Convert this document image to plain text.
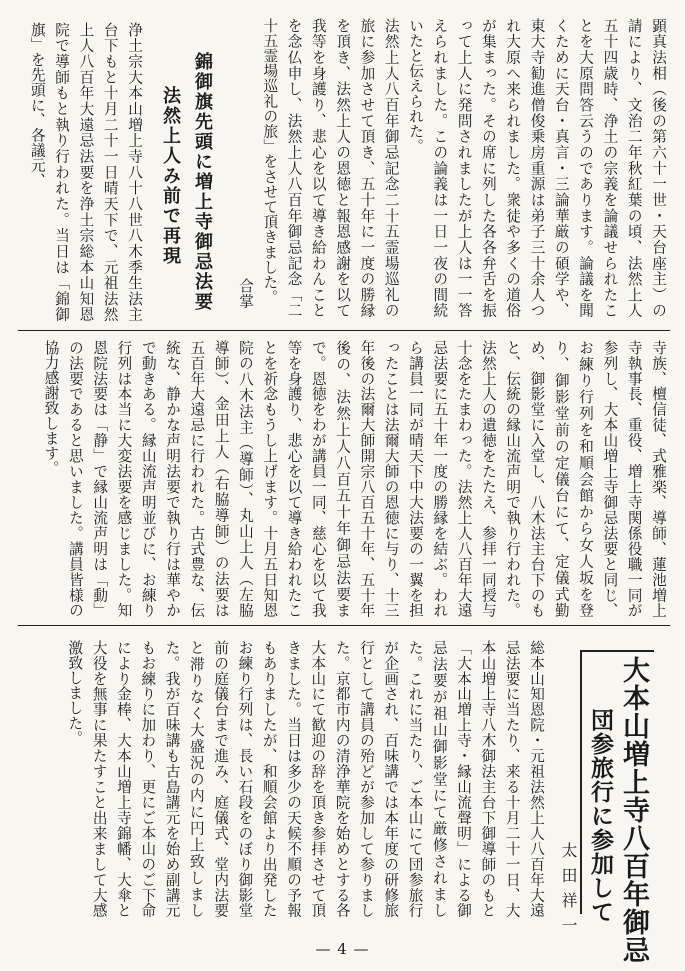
顕真法相（後の第六十一世・天台座主）の請により、文治二年秋紅葉の頃、法然上人五十四歳時、浄土の宗義を論議せられたことを大原問答云うのであります。論議を聞くために天台・真言・三論華厳の碩学や、東大寺勧進僧俊乗房重源は弟子三十余人つれ大原へ来られました。衆徒や多くの道俗が集まった。その席に列した各各弁舌を振って上人に発問されましたが上人は一一答えられました。この論義は一日一夜の間続いたと伝えられた。

法然上人八百年御忌記念二十五霊場巡礼の旅に参加させて頂き、五十年に一度の勝縁を頂き、法然上人の恩徳と報恩感謝を以て我等を身護り、悲心を以て導き給わんことを念仏申し、法然上人八百年御忌記念「二十五霊場巡礼の旅」をさせて頂きました。

合掌
錦御旗先頭に増上寺御忌法要
法然上人み前で再現

浄土宗大本山増上寺八十八世八木季生法主台下もと十月二十一日晴天下で、元祖法然上人八百年大遠忌法要を浄土宗総本山知恩院で導師もと執り行われた。当日は「錦御旗」を先頭に、各議元、

寺族、檀信徒、式雅楽、導師、蓮池増上寺執事長、重役、増上寺関係役職一同が参列し、大本山増上寺御忌法要と同じ、お練り行列を和順会館から女人坂を登り、御影堂前の定儀台にて、定儀式勤め、御影堂に入堂し、八木法主台下のもと、伝統の縁山流声明で執り行われた。法然上人の遺徳をたたえ、参拝一同授与十念をたまわった。法然上人八百年大遠忌法要に五十年一度の勝縁を結ぶ。われら講員一同が晴天下中大法要の一翼を担ったことは法爾大師の恩徳に与り、十三年後の法爾大師開宗八百五十年、五十年後の、法然上人八百五十年御忌法要まで。恩徳をわが講員一同、慈心を以て我等を身護り、悲心を以て導き給われたことを祈念もうし上げます。十月五日知恩院の八木法主（導師）、丸山上人（左脇導師）、金田上人（右脇導師）の法要は五百年大遠忌に行われた。古式豊な、伝統な、静かな声明法要で執り行は華やかで動きある。縁山流声明並びに、お練り行列は本当に大変法要を感じました。知恩院法要は「静」で縁山流声明は「動」の法要であると思いました。講員皆様の協力感謝致します。

大本山増上寺八百年御忌
団参旅行に参加して
太田祥一

総本山知恩院・元祖法然上人八百年大遠忌法要に当たり、来る十月二十一日、大本山増上寺八木御法主台下御導師のもと「大本山増上寺・縁山流聲明」による御忌法要が祖山御影堂にて厳修されました。これに当たり、ご本山にて団参旅行が企画され、百味講では本年度の研修旅行として講員の殆どが参加して参りました。京都市内の清浄華院を始めとする各大本山にて歓迎の辞を頂き参拝させて頂きました。当日は多少の天候不順の予報もありましたが、和順会館より出発したお練り行列は、長い石段をのぼり御影堂前の庭儀台まで進み、庭儀式、堂内法要と滞りなく大盛況の内に円上致しました。我が百味講も古島講元を始め副講元もお練りに加わり、更にご本山のご下命により金棒、大本山増上寺錦幡、大傘と大役を無事に果たすこと出来まして大感激致しました。

— 4 —
